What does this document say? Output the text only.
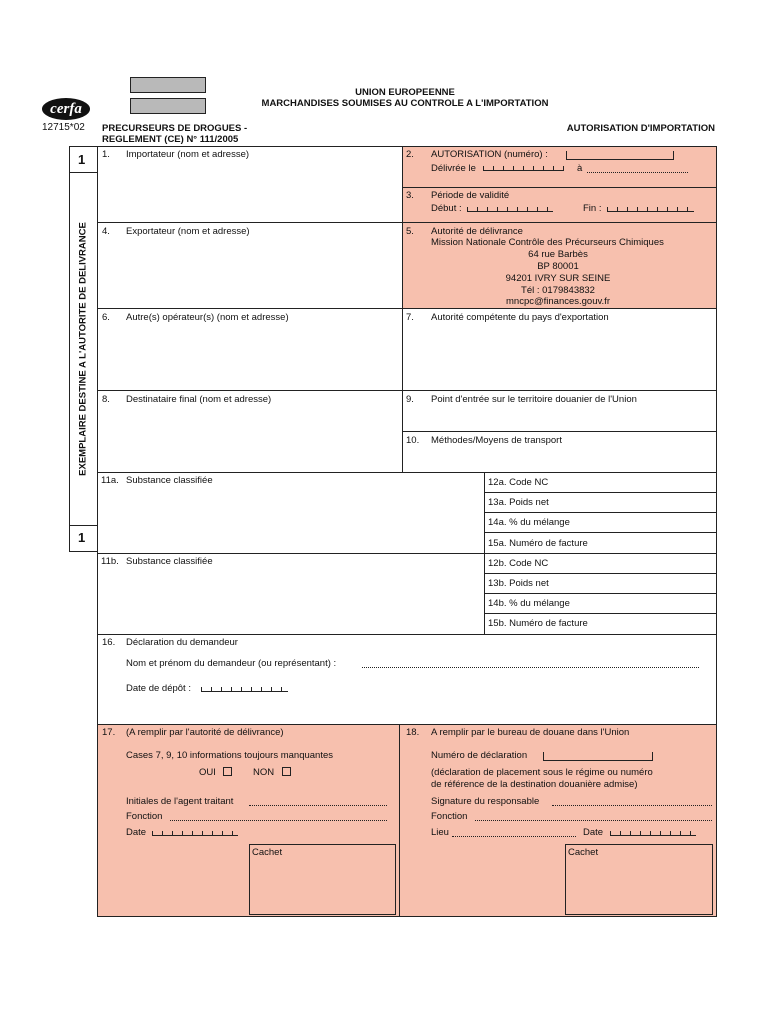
cerfa
12715*02
UNION EUROPEENNE
MARCHANDISES SOUMISES AU CONTROLE A L'IMPORTATION
PRECURSEURS DE DROGUES -
REGLEMENT (CE) N° 111/2005
AUTORISATION D'IMPORTATION
1
1
EXEMPLAIRE DESTINE A L'AUTORITE DE DELIVRANCE
1. Importateur (nom et adresse)	2. AUTORISATION (numéro) :
Délivrée le	à
3. Période de validité
Début :	Fin :
4. Exportateur (nom et adresse)	5. Autorité de délivrance
Mission Nationale Contrôle des Précurseurs Chimiques
64 rue Barbès
BP 80001
94201 IVRY SUR SEINE
Tél : 0179843832
mncpc@finances.gouv.fr
6. Autre(s) opérateur(s) (nom et adresse)	7. Autorité compétente du pays d'exportation
8. Destinataire final (nom et adresse)	9. Point d'entrée sur le territoire douanier de l'Union
10. Méthodes/Moyens de transport
11a. Substance classifiée	12a. Code NC
13a. Poids net
14a. % du mélange
15a. Numéro de facture
11b. Substance classifiée	12b. Code NC
13b. Poids net
14b. % du mélange
15b. Numéro de facture
16. Déclaration du demandeur
Nom et prénom du demandeur (ou représentant) :
Date de dépôt :
17. (A remplir par l'autorité de délivrance)
Cases 7, 9, 10 informations toujours manquantes
OUI	NON
Initiales de l'agent traitant
Fonction
Date
Cachet
18. A remplir par le bureau de douane dans l'Union
Numéro de déclaration
(déclaration de placement sous le régime ou numéro
de référence de la destination douanière admise)
Signature du responsable
Fonction
Lieu	Date
Cachet
